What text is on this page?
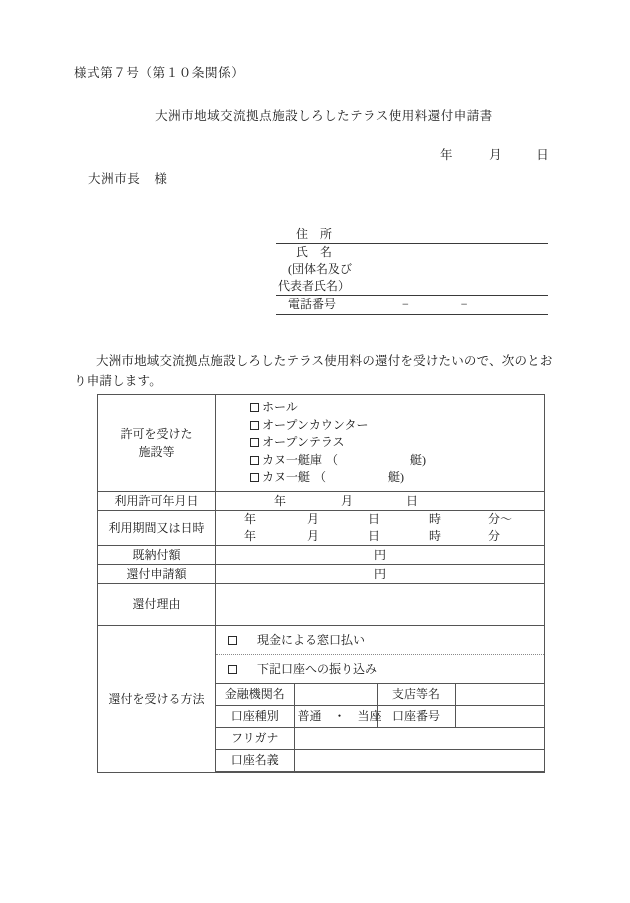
様式第７号（第１０条関係）
大洲市地域交流拠点施設しろしたテラス使用料還付申請書
年	月	日
大洲市長 様
住　所
氏　名
(団体名及び
代表者氏名）
電話番号	−	−
大洲市地域交流拠点施設しろしたテラス使用料の還付を受けたいので、次のとおり申請します。
許可を受けた
施設等

ホール
オープンカウンター
オープンテラス
カヌ一艇庫 （	艇)
カヌ一艇 （	艇)

利用許可年月日	年	月	日

利用期間又は日時	
年	月	日	時	分〜
年	月	日	時	分

既納付額	円
還付申請額	円
還付理由	
還付を受ける方法	
現金による窓口払い
下記口座への振り込み
金融機関名		支店等名	
口座種別	普通　・　当座	口座番号	
フリガナ	
口座名義	
